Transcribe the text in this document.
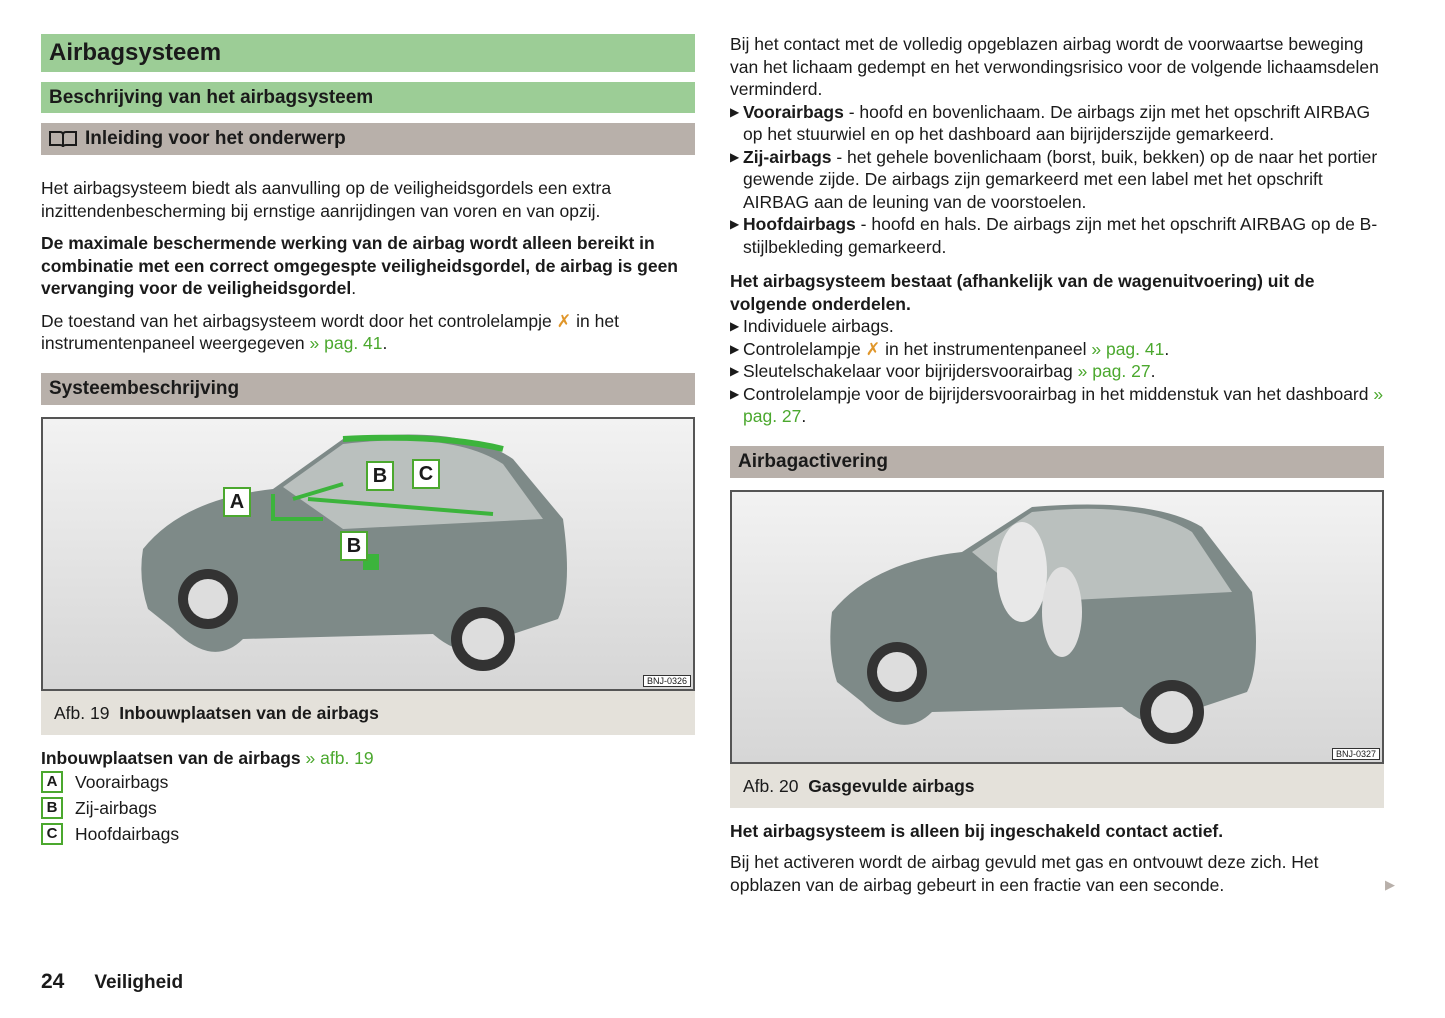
Airbagsysteem
Beschrijving van het airbagsysteem
Inleiding voor het onderwerp

Het airbagsysteem biedt als aanvulling op de veiligheidsgordels een extra inzittendenbescherming bij ernstige aanrijdingen van voren en van opzij.

De maximale beschermende werking van de airbag wordt alleen bereikt in combinatie met een correct omgegespte veiligheidsgordel, de airbag is geen vervanging voor de veiligheidsgordel.

De toestand van het airbagsysteem wordt door het controlelampje ✗ in het instrumentenpaneel weergegeven » pag. 41.

Systeembeschrijving
A
B	C
B
BNJ-0326
Afb. 19 Inbouwplaatsen van de airbags

Inbouwplaatsen van de airbags » afb. 19

A	Voorairbags
B	Zij-airbags
C	Hoofdairbags

Bij het contact met de volledig opgeblazen airbag wordt de voorwaartse beweging van het lichaam gedempt en het verwondingsrisico voor de volgende lichaamsdelen verminderd.

▶ Voorairbags - hoofd en bovenlichaam. De airbags zijn met het opschrift AIRBAG op het stuurwiel en op het dashboard aan bijrijderszijde gemarkeerd.
▶ Zij-airbags - het gehele bovenlichaam (borst, buik, bekken) op de naar het portier gewende zijde. De airbags zijn gemarkeerd met een label met het opschrift AIRBAG aan de leuning van de voorstoelen.
▶ Hoofdairbags - hoofd en hals. De airbags zijn met het opschrift AIRBAG op de B-stijlbekleding gemarkeerd.

Het airbagsysteem bestaat (afhankelijk van de wagenuitvoering) uit de volgende onderdelen.

▶ Individuele airbags.
▶ Controlelampje ✗ in het instrumentenpaneel » pag. 41.
▶ Sleutelschakelaar voor bijrijdersvoorairbag » pag. 27.
▶ Controlelampje voor de bijrijdersvoorairbag in het middenstuk van het dashboard » pag. 27.
Airbagactivering
BNJ-0327
Afb. 20 Gasgevulde airbags

Het airbagsysteem is alleen bij ingeschakeld contact actief.

Bij het activeren wordt de airbag gevuld met gas en ontvouwt deze zich. Het opblazen van de airbag gebeurt in een fractie van een seconde.	▶
24 Veiligheid
